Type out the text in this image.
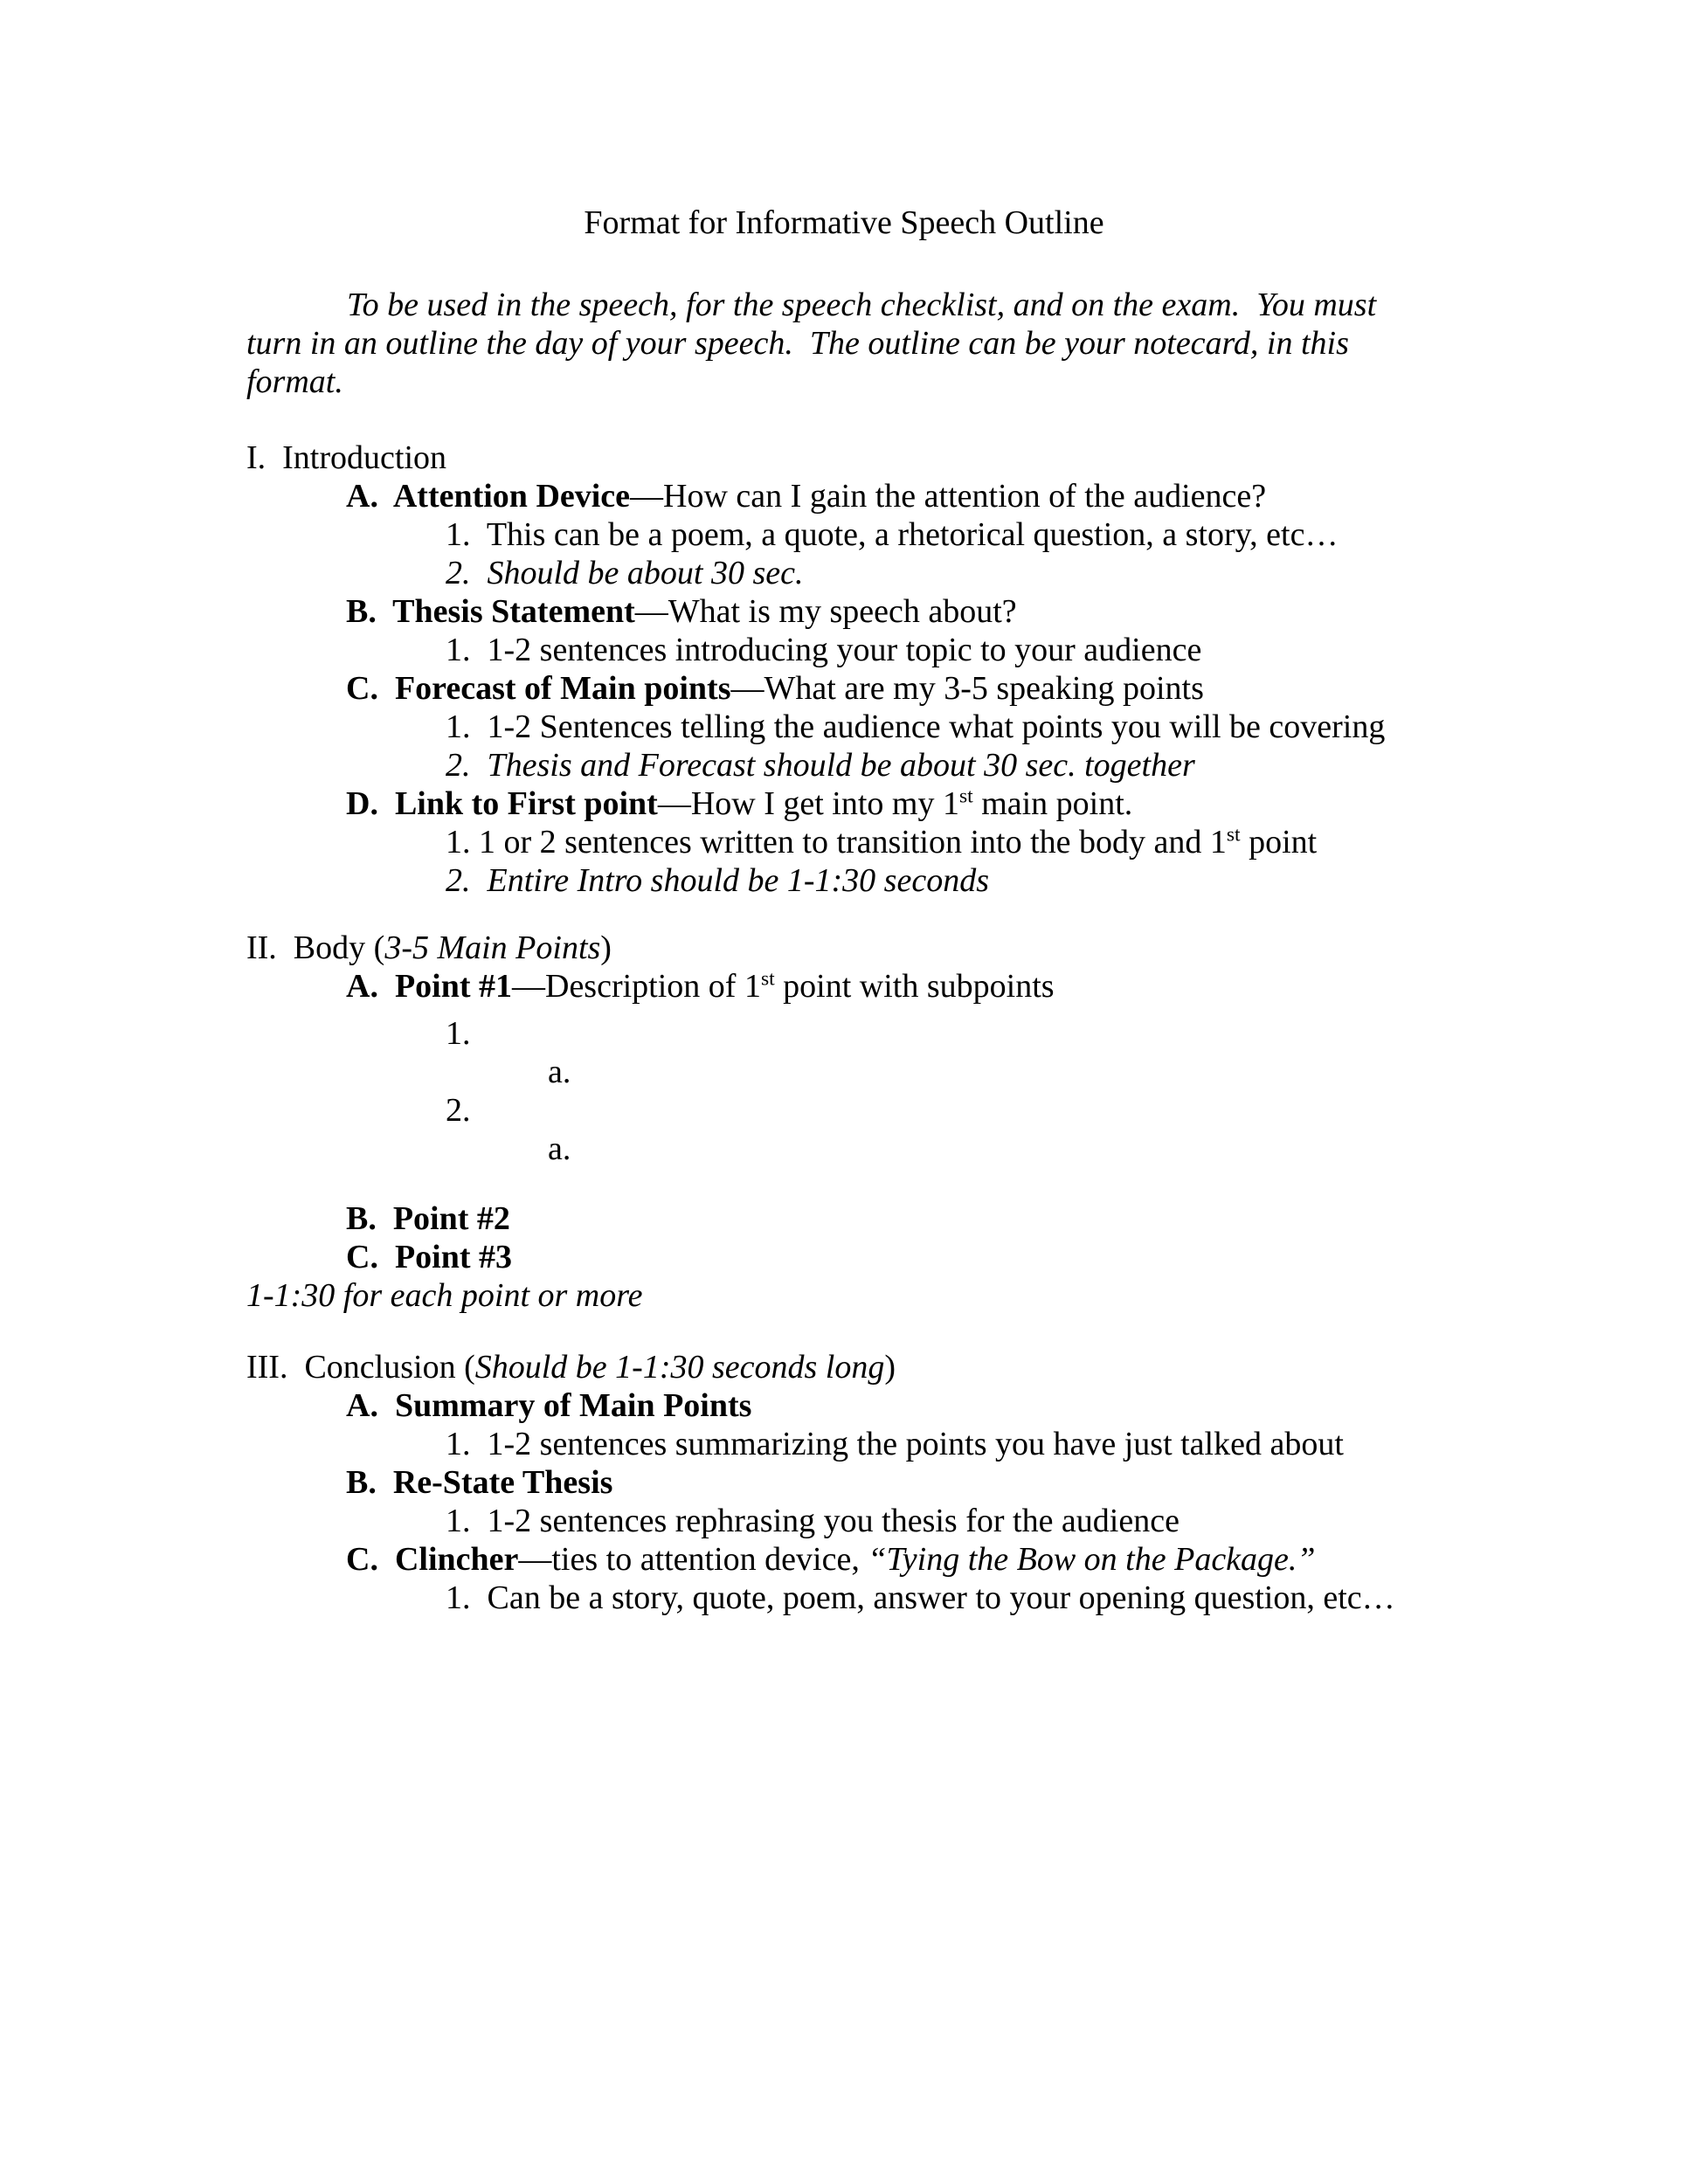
Format for Informative Speech Outline
To be used in the speech, for the speech checklist, and on the exam.  You must
turn in an outline the day of your speech.  The outline can be your notecard, in this
format.
I.  Introduction
A.  Attention Device—How can I gain the attention of the audience?
1.  This can be a poem, a quote, a rhetorical question, a story, etc…
2.  Should be about 30 sec.
B.  Thesis Statement—What is my speech about?
1.  1-2 sentences introducing your topic to your audience
C.  Forecast of Main points—What are my 3-5 speaking points
1.  1-2 Sentences telling the audience what points you will be covering
2.  Thesis and Forecast should be about 30 sec. together
D.  Link to First point—How I get into my 1st main point.
1. 1 or 2 sentences written to transition into the body and 1st point
2.  Entire Intro should be 1-1:30 seconds
II.  Body (3-5 Main Points)
A.  Point #1—Description of 1st point with subpoints
1.
a.
2.
a.
B.  Point #2
C.  Point #3
1-1:30 for each point or more
III.  Conclusion (Should be 1-1:30 seconds long)
A.  Summary of Main Points
1.  1-2 sentences summarizing the points you have just talked about
B.  Re-State Thesis
1.  1-2 sentences rephrasing you thesis for the audience
C.  Clincher—ties to attention device, “Tying the Bow on the Package.”
1.  Can be a story, quote, poem, answer to your opening question, etc…
